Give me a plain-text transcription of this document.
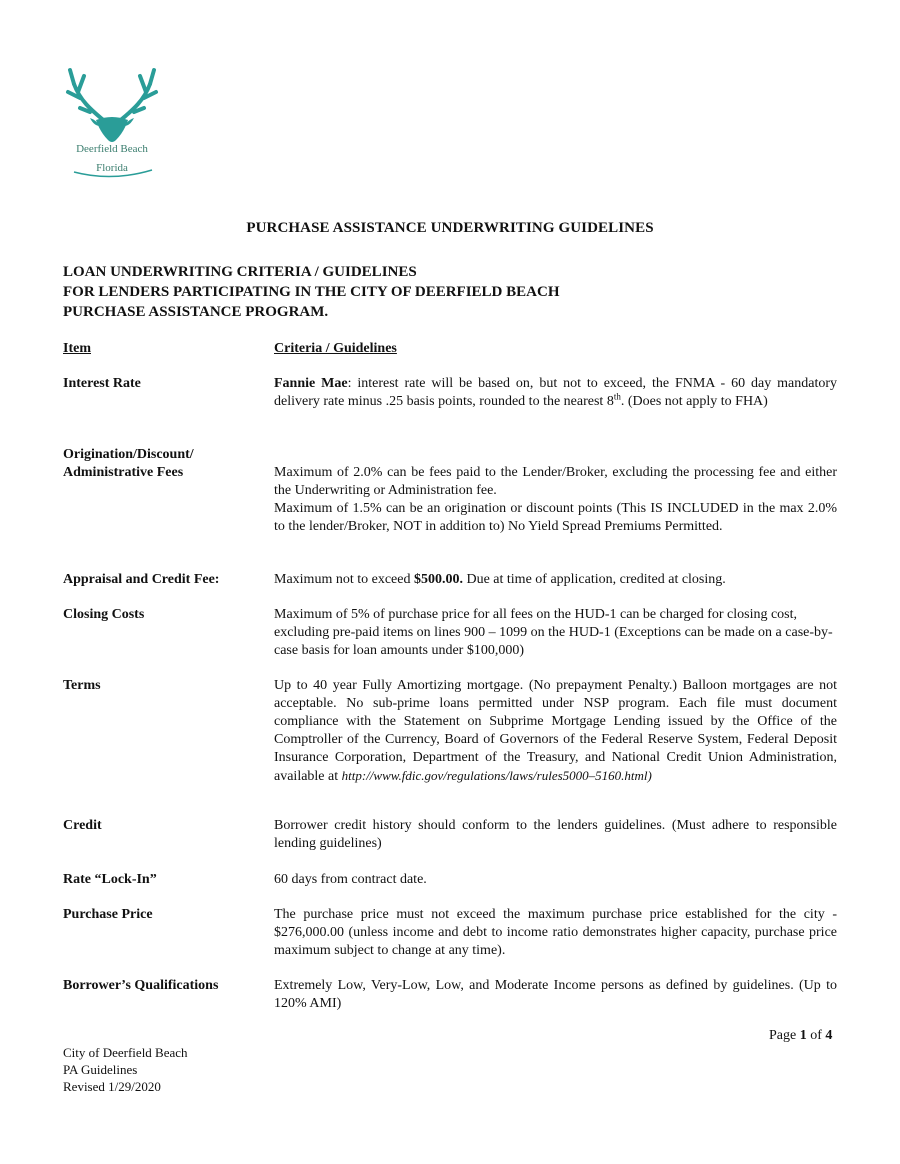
Deerfield Beach
Florida
PURCHASE ASSISTANCE UNDERWRITING GUIDELINES
LOAN UNDERWRITING CRITERIA / GUIDELINES
FOR LENDERS PARTICIPATING IN THE CITY OF DEERFIELD BEACH
PURCHASE ASSISTANCE PROGRAM.
Item	Criteria / Guidelines
Interest Rate	Fannie Mae: interest rate will be based on, but not to exceed, the FNMA - 60 day mandatory delivery rate minus .25 basis points, rounded to the nearest 8th. (Does not apply to FHA)
Origination/Discount/
Administrative Fees	Maximum of 2.0% can be fees paid to the Lender/Broker, excluding the processing fee and either the Underwriting or Administration fee.
Maximum of 1.5% can be an origination or discount points (This IS INCLUDED in the max 2.0% to the lender/Broker, NOT in addition to) No Yield Spread Premiums Permitted.
Appraisal and Credit Fee:	Maximum not to exceed $500.00. Due at time of application, credited at closing.
Closing Costs	Maximum of 5% of purchase price for all fees on the HUD-1 can be charged for closing cost, excluding pre-paid items on lines 900 – 1099 on the HUD-1 (Exceptions can be made on a case-by-case basis for loan amounts under $100,000)
Terms	Up to 40 year Fully Amortizing mortgage. (No prepayment Penalty.) Balloon mortgages are not acceptable. No sub-prime loans permitted under NSP program. Each file must document compliance with the Statement on Subprime Mortgage Lending issued by the Office of the Comptroller of the Currency, Board of Governors of the Federal Reserve System, Federal Deposit Insurance Corporation, Department of the Treasury, and National Credit Union Administration, available at http://www.fdic.gov/regulations/laws/rules5000–5160.html)
Credit	Borrower credit history should conform to the lenders guidelines. (Must adhere to responsible lending guidelines)
Rate “Lock-In”	60 days from contract date.
Purchase Price	The purchase price must not exceed the maximum purchase price established for the city - $276,000.00 (unless income and debt to income ratio demonstrates higher capacity, purchase price maximum subject to change at any time).
Borrower’s Qualifications	Extremely Low, Very-Low, Low, and Moderate Income persons as defined by guidelines. (Up to 120% AMI)
Page 1 of 4
City of Deerfield Beach
PA Guidelines
Revised 1/29/2020
